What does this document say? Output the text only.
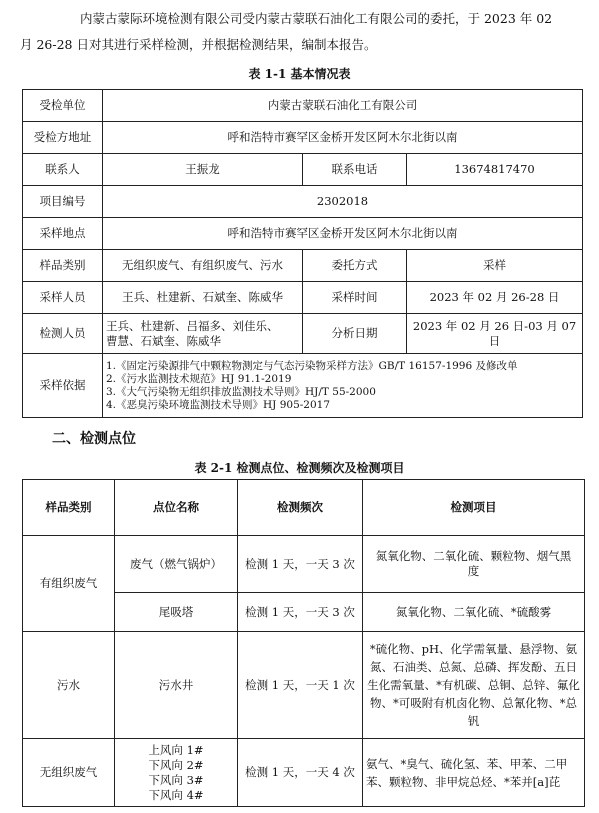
内蒙古蒙际环境检测有限公司受内蒙古蒙联石油化工有限公司的委托，于 2023 年 02
月 26-28 日对其进行采样检测，并根据检测结果，编制本报告。
表 1-1 基本情况表
受检单位	内蒙古蒙联石油化工有限公司		
受检方地址	呼和浩特市赛罕区金桥开发区阿木尔北街以南		
联系人	王振龙	联系电话	13674817470
项目编号	2302018		
采样地点	呼和浩特市赛罕区金桥开发区阿木尔北街以南		
样品类别	无组织废气、有组织废气、污水	委托方式	采样
采样人员	王兵、杜建新、石斌奎、陈威华	采样时间	2023 年 02 月 26-28 日
检测人员	王兵、杜建新、吕福多、刘佳乐、
曹慧、石斌奎、陈威华	分析日期	2023 年 02 月 26 日-03 月 07 日
采样依据	1.《固定污染源排气中颗粒物测定与气态污染物采样方法》GB/T 16157-1996 及修改单
2.《污水监测技术规范》HJ 91.1-2019
3.《大气污染物无组织排放监测技术导则》HJ/T 55-2000
4.《恶臭污染环境监测技术导则》HJ 905-2017		
二、检测点位
表 2-1 检测点位、检测频次及检测项目
样品类别	点位名称	检测频次	检测项目
有组织废气	废气（燃气锅炉）	检测 1 天，一天 3 次	氮氧化物、二氧化硫、颗粒物、烟气黑度
	尾吸塔	检测 1 天，一天 3 次	氮氧化物、二氧化硫、*硫酸雾
污水	污水井	检测 1 天，一天 1 次	*硫化物、pH、化学需氧量、悬浮物、氨氮、石油类、总氮、总磷、挥发酚、五日生化需氧量、*有机碳、总铜、总锌、氟化物、*可吸附有机卤化物、总氰化物、*总钒
无组织废气	上风向 1#
下风向 2#
下风向 3#
下风向 4#	检测 1 天，一天 4 次	氨气、*臭气、硫化氢、苯、甲苯、二甲苯、颗粒物、非甲烷总烃、*苯并[a]芘
